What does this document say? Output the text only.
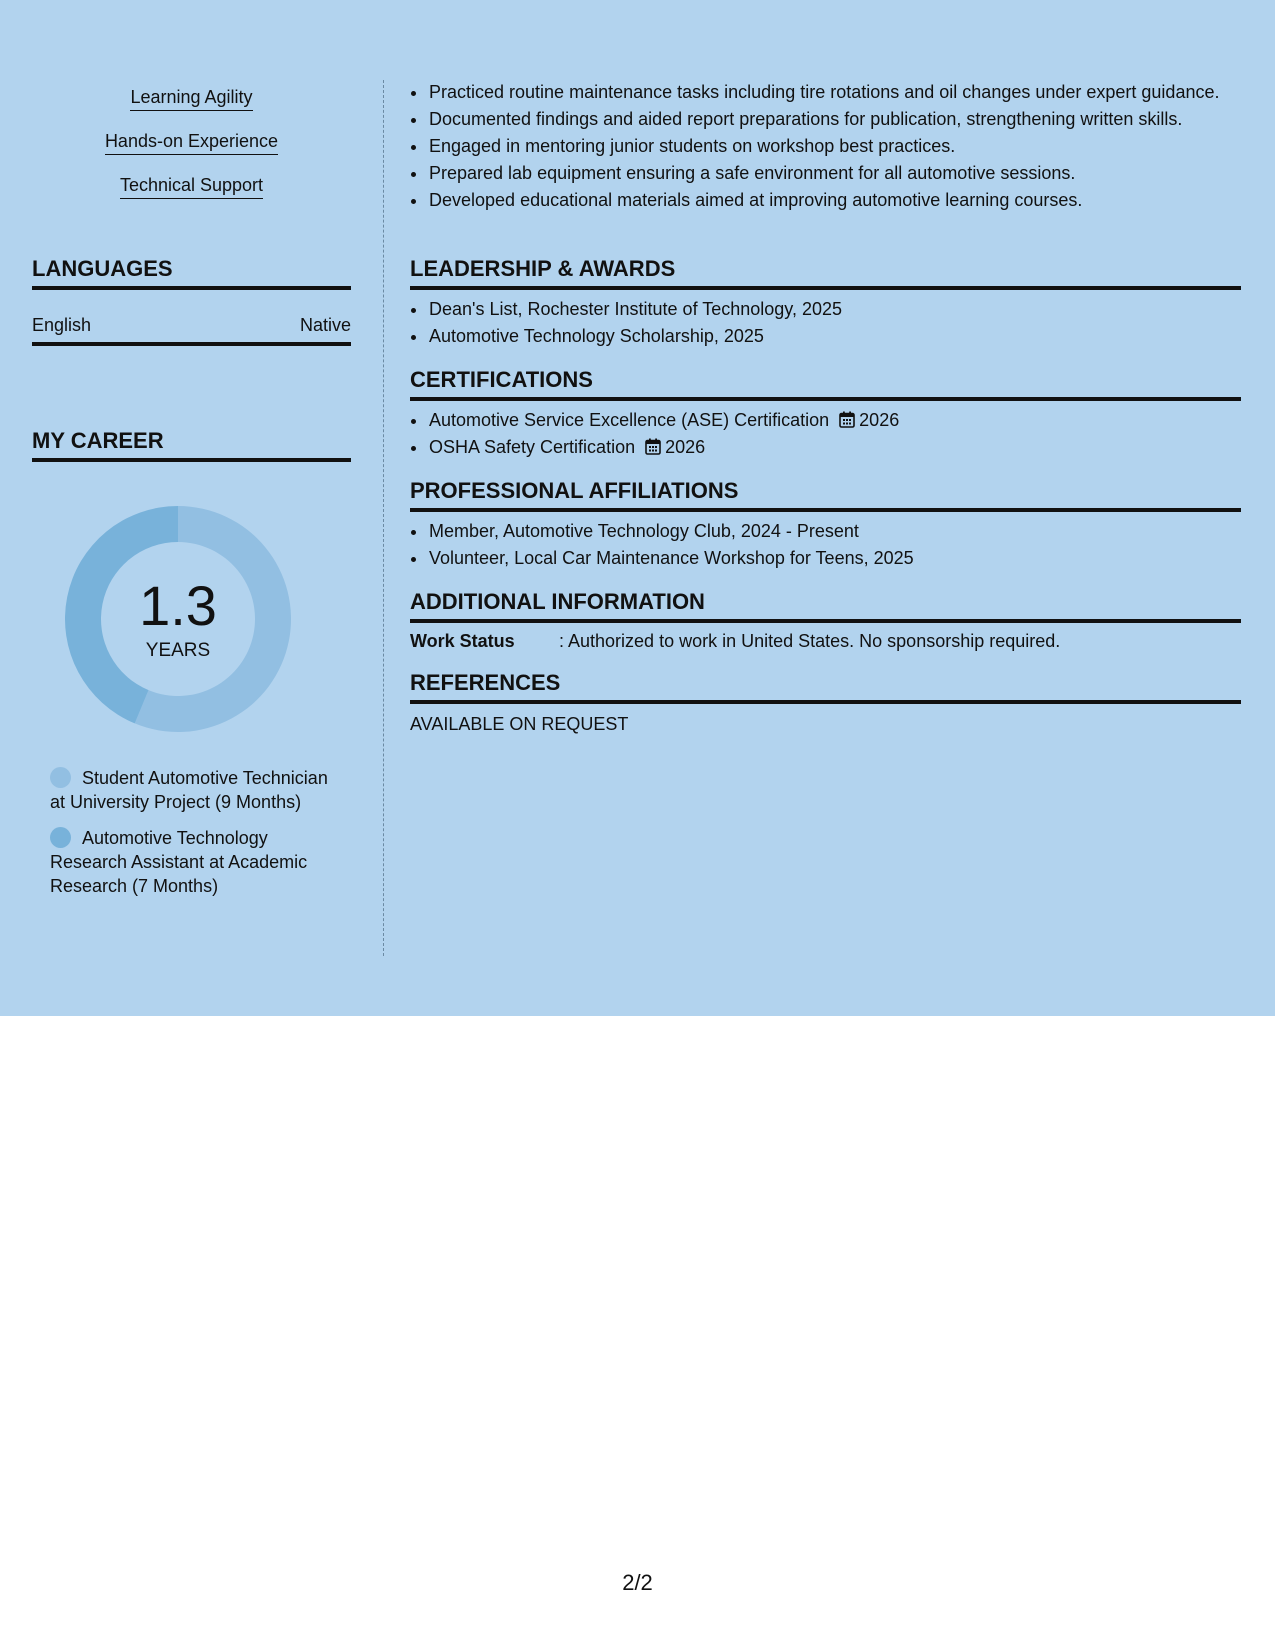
Learning Agility
Hands-on Experience
Technical Support
LANGUAGES
English	Native
MY CAREER
1.3
YEARS
Student Automotive Technician at University Project (9 Months)
Automotive Technology Research Assistant at Academic Research (7 Months)
• Practiced routine maintenance tasks including tire rotations and oil changes under expert guidance.
• Documented findings and aided report preparations for publication, strengthening written skills.
• Engaged in mentoring junior students on workshop best practices.
• Prepared lab equipment ensuring a safe environment for all automotive sessions.
• Developed educational materials aimed at improving automotive learning courses.
LEADERSHIP & AWARDS
• Dean's List, Rochester Institute of Technology, 2025
• Automotive Technology Scholarship, 2025
CERTIFICATIONS
• Automotive Service Excellence (ASE) Certification 2026
• OSHA Safety Certification 2026
PROFESSIONAL AFFILIATIONS
• Member, Automotive Technology Club, 2024 - Present
• Volunteer, Local Car Maintenance Workshop for Teens, 2025
ADDITIONAL INFORMATION
Work Status : Authorized to work in United States. No sponsorship required.
REFERENCES
AVAILABLE ON REQUEST
2/2
